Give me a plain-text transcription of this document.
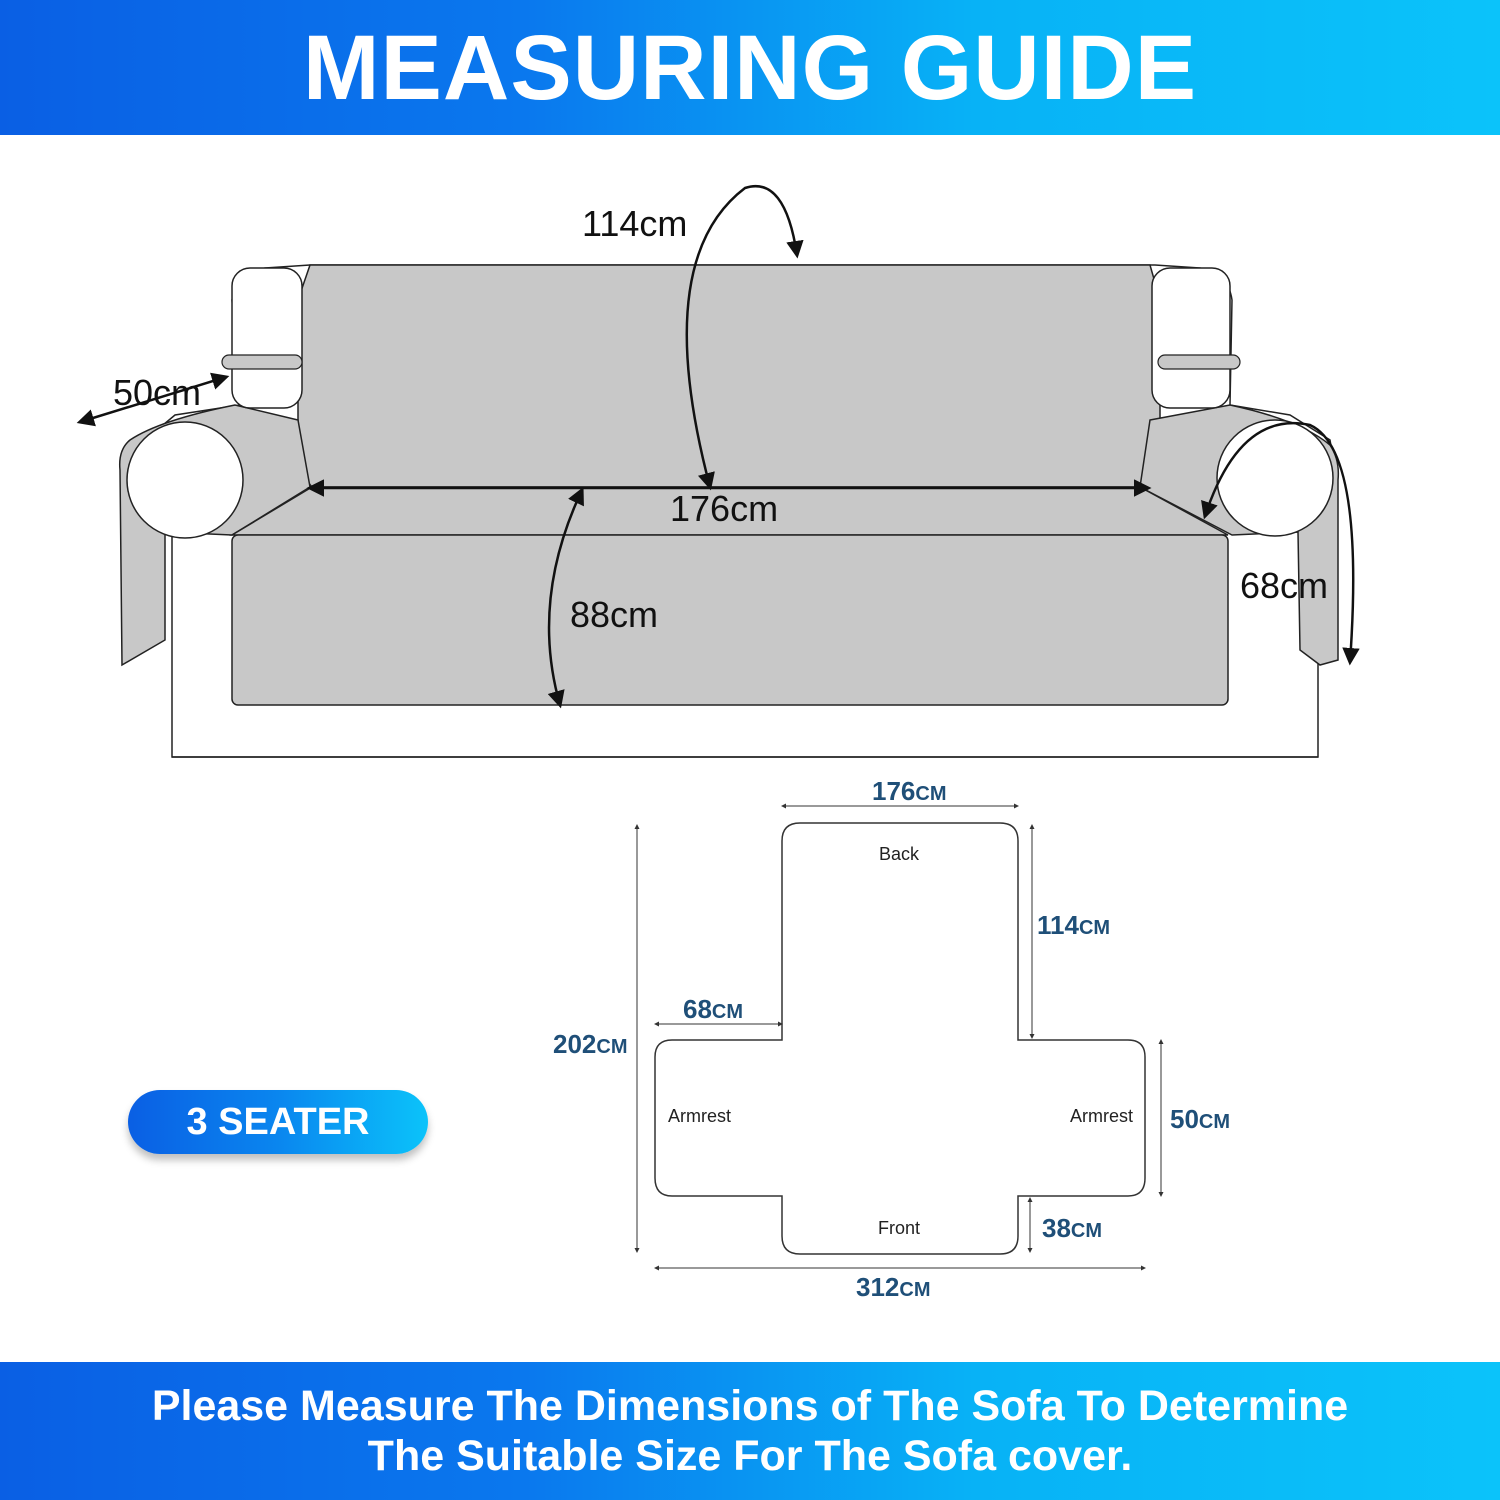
MEASURING GUIDE
114cm
50cm
176cm
88cm
68cm
176CM
114CM
68CM
202CM
50CM
38CM
312CM
Back
Armrest	Armrest
Front
3 SEATER
Please Measure The Dimensions of The Sofa To Determine
The Suitable Size For The Sofa cover.
